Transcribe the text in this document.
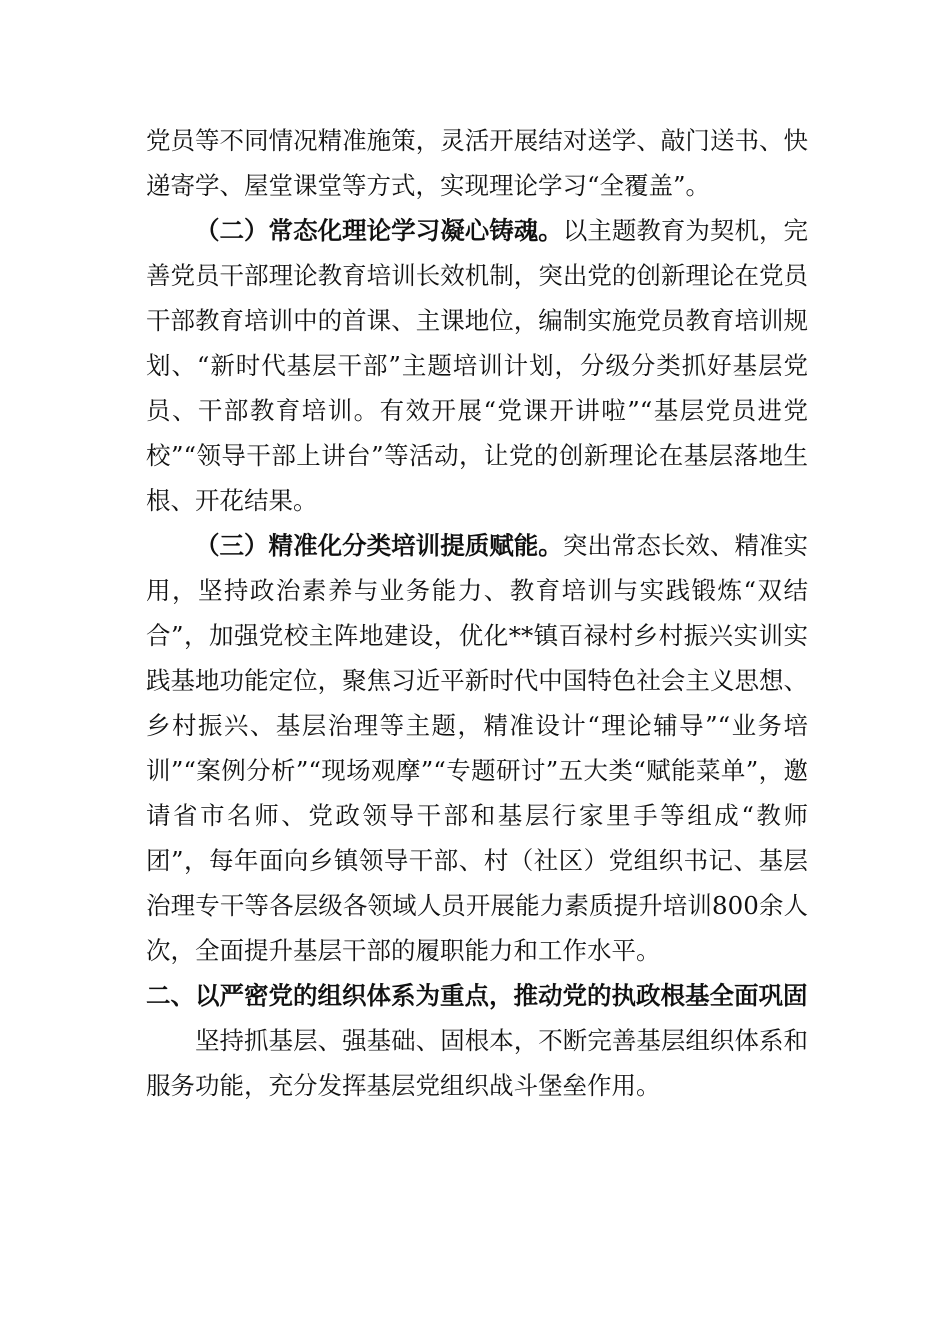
党员等不同情况精准施策，灵活开展结对送学、敲门送书、快递寄学、屋堂课堂等方式，实现理论学习“全覆盖”。

（二）常态化理论学习凝心铸魂。以主题教育为契机，完善党员干部理论教育培训长效机制，突出党的创新理论在党员干部教育培训中的首课、主课地位，编制实施党员教育培训规划、“新时代基层干部”主题培训计划，分级分类抓好基层党员、干部教育培训。有效开展“党课开讲啦”“基层党员进党校”“领导干部上讲台”等活动，让党的创新理论在基层落地生根、开花结果。

（三）精准化分类培训提质赋能。突出常态长效、精准实用，坚持政治素养与业务能力、教育培训与实践锻炼“双结合”，加强党校主阵地建设，优化**镇百禄村乡村振兴实训实践基地功能定位，聚焦习近平新时代中国特色社会主义思想、乡村振兴、基层治理等主题，精准设计“理论辅导”“业务培训”“案例分析”“现场观摩”“专题研讨”五大类“赋能菜单”，邀请省市名师、党政领导干部和基层行家里手等组成“教师团”，每年面向乡镇领导干部、村（社区）党组织书记、基层治理专干等各层级各领域人员开展能力素质提升培训800余人次，全面提升基层干部的履职能力和工作水平。

二、以严密党的组织体系为重点，推动党的执政根基全面巩固

坚持抓基层、强基础、固根本，不断完善基层组织体系和服务功能，充分发挥基层党组织战斗堡垒作用。
